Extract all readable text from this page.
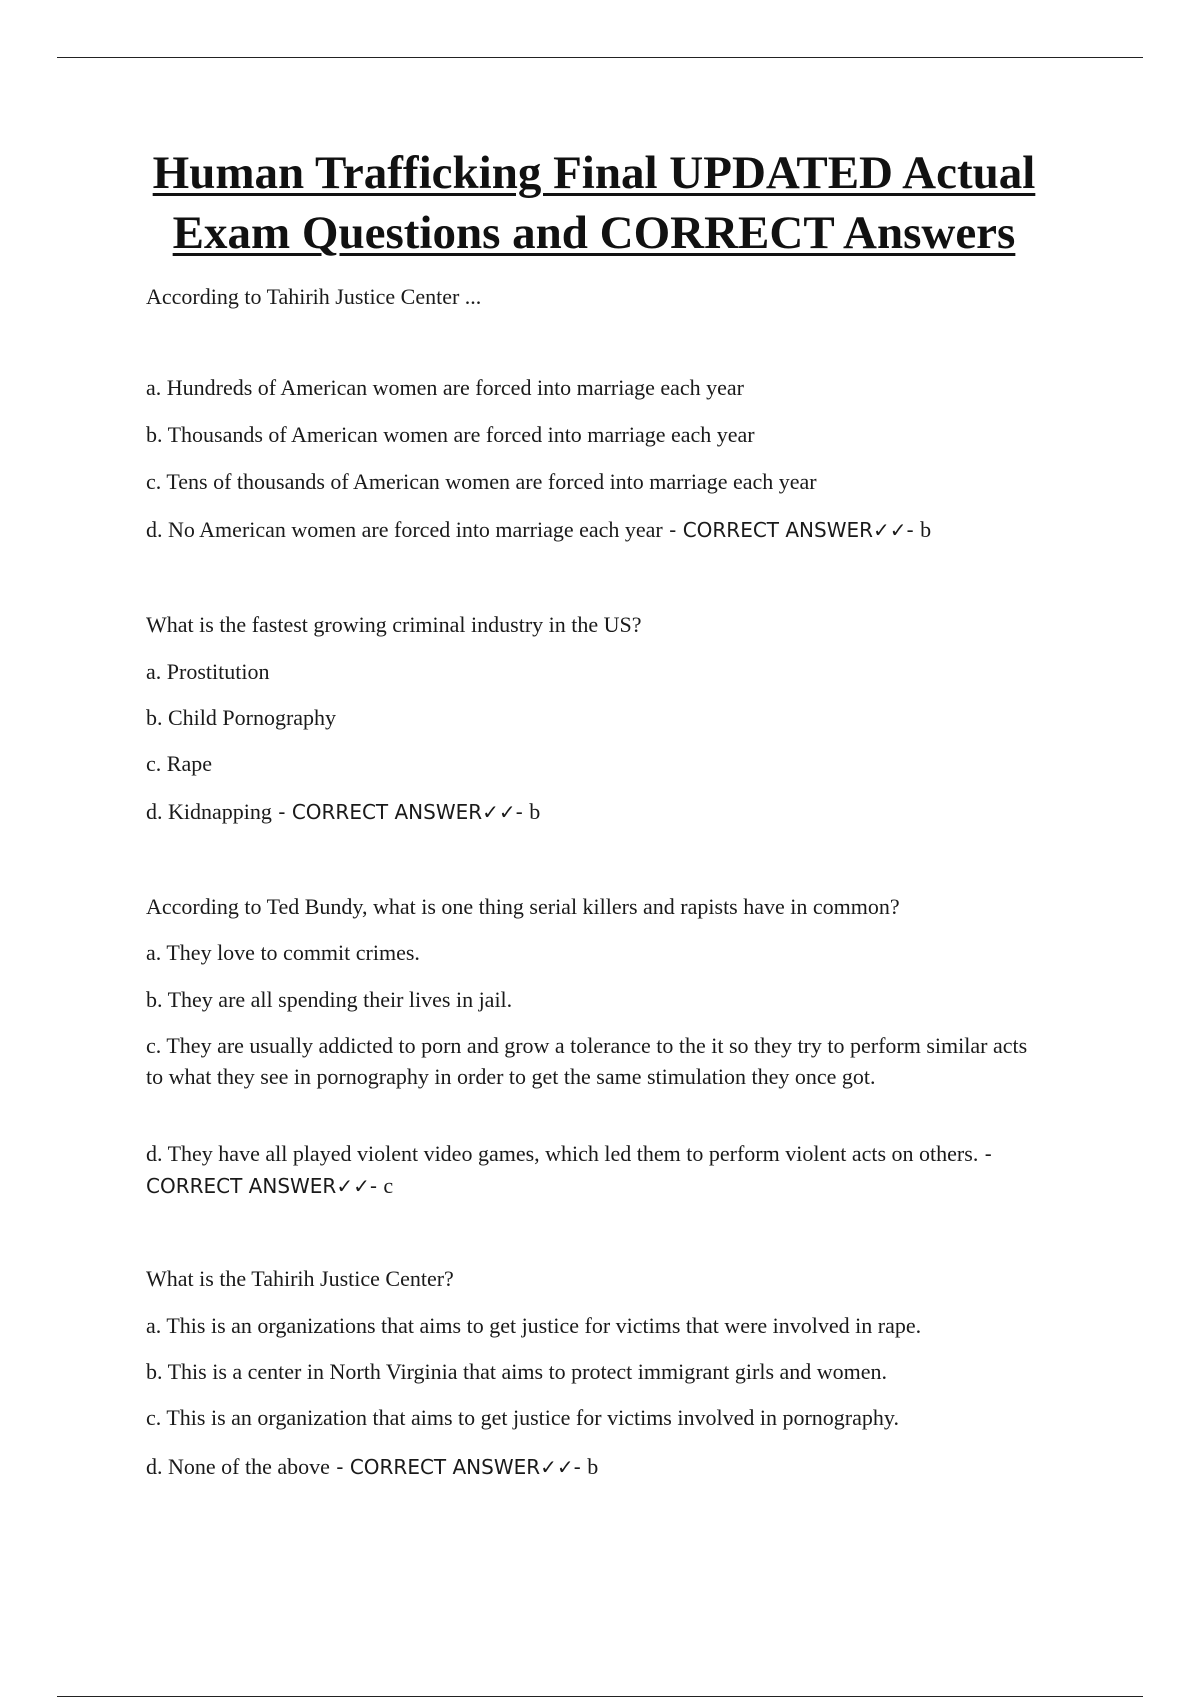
Human Trafficking Final UPDATED Actual Exam Questions and CORRECT Answers

According to Tahirih Justice Center ...

a. Hundreds of American women are forced into marriage each year

b. Thousands of American women are forced into marriage each year

c. Tens of thousands of American women are forced into marriage each year

d. No American women are forced into marriage each year - CORRECT ANSWER✓✓- b

What is the fastest growing criminal industry in the US?

a. Prostitution

b. Child Pornography

c. Rape

d. Kidnapping - CORRECT ANSWER✓✓- b

According to Ted Bundy, what is one thing serial killers and rapists have in common?

a. They love to commit crimes.

b. They are all spending their lives in jail.

c. They are usually addicted to porn and grow a tolerance to the it so they try to perform similar acts to what they see in pornography in order to get the same stimulation they once got.

d. They have all played violent video games, which led them to perform violent acts on others. - CORRECT ANSWER✓✓- c

What is the Tahirih Justice Center?

a. This is an organizations that aims to get justice for victims that were involved in rape.

b. This is a center in North Virginia that aims to protect immigrant girls and women.

c. This is an organization that aims to get justice for victims involved in pornography.

d. None of the above - CORRECT ANSWER✓✓- b
